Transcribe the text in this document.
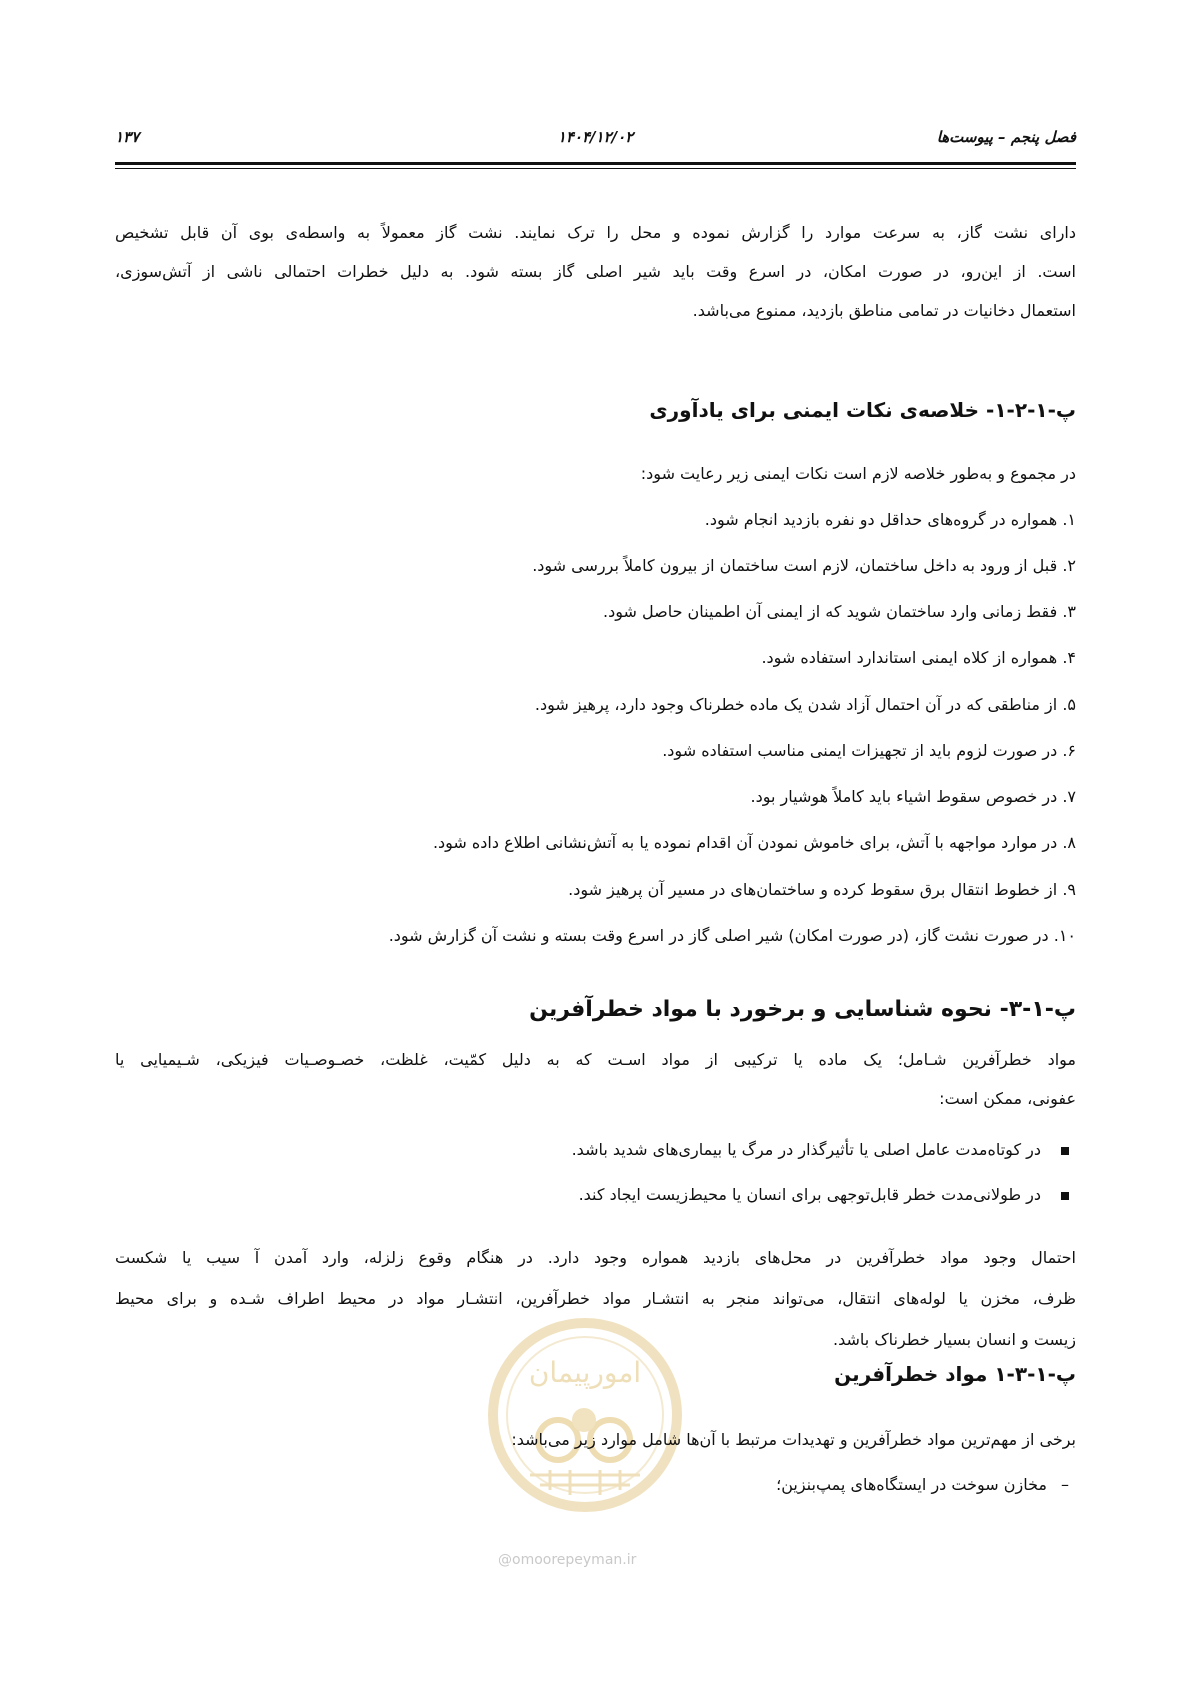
فصل پنجم – پیوست‌ها
۱۴۰۴/۱۲/۰۲
۱۳۷

دارای نشت گاز، به سرعت موارد را گزارش نموده و محل را ترک نمایند. نشت گاز معمولاً به واسطه‌ی بوی آن قابل تشخیص

است. از این‌رو، در صورت امکان، در اسرع وقت باید شیر اصلی گاز بسته شود. به دلیل خطرات احتمالی ناشی از آتش‌سوزی،

استعمال دخانیات در تمامی مناطق بازدید، ممنوع می‌باشد.

پ-۱-۲-۱- خلاصه‌ی نکات ایمنی برای یادآوری
در مجموع و به‌طور خلاصه لازم است نکات ایمنی زیر رعایت شود:
۱. همواره در گروه‌های حداقل دو نفره بازدید انجام شود.
۲. قبل از ورود به داخل ساختمان، لازم است ساختمان از بیرون کاملاً بررسی شود.
۳. فقط زمانی وارد ساختمان شوید که از ایمنی آن اطمینان حاصل شود.
۴. همواره از کلاه ایمنی استاندارد استفاده شود.
۵. از مناطقی که در آن احتمال آزاد شدن یک ماده خطرناک وجود دارد، پرهیز شود.
۶. در صورت لزوم باید از تجهیزات ایمنی مناسب استفاده شود.
۷. در خصوص سقوط اشیاء باید کاملاً هوشیار بود.
۸. در موارد مواجهه با آتش، برای خاموش نمودن آن اقدام نموده یا به آتش‌نشانی اطلاع داده شود.
۹. از خطوط انتقال برق سقوط کرده و ساختمان‌های در مسیر آن پرهیز شود.
۱۰. در صورت نشت گاز، (در صورت امکان) شیر اصلی گاز در اسرع وقت بسته و نشت آن گزارش شود.
پ-۱-۳- نحوه شناسایی و برخورد با مواد خطرآفرین

مواد خطرآفرین شـامل؛ یک ماده یا ترکیبی از مواد اسـت که به دلیل کمّیت، غلظت، خصـوصـیات فیزیکی، شـیمیایی یا

عفونی، ممکن است:

در کوتاه‌مدت عامل اصلی یا تأثیرگذار در مرگ یا بیماری‌های شدید باشد.
در طولانی‌مدت خطر قابل‌توجهی برای انسان یا محیط‌زیست ایجاد کند.

احتمال وجود مواد خطرآفرین در محل‌های بازدید همواره وجود دارد. در هنگام وقوع زلزله، وارد آمدن آ سیب یا شکست

ظرف، مخزن یا لوله‌های انتقال، می‌تواند منجر به انتشـار مواد خطرآفرین، انتشـار مواد در محیط اطراف شـده و برای محیط

زیست و انسان بسیار خطرناک باشد.

امورپیمان
@omoorepeyman.ir
پ-۱-۳-۱ مواد خطرآفرین
برخی از مهم‌ترین مواد خطرآفرین و تهدیدات مرتبط با آن‌ها شامل موارد زیر می‌باشد:
–مخازن سوخت در ایستگاه‌های پمپ‌بنزین؛
